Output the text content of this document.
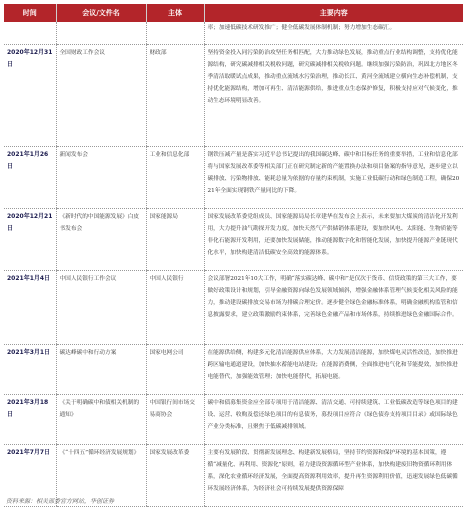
时间	会议/文件名	主体	主要内容
			率；加速低碳技术研发推广；健全低碳发展体制机制；努力增加生态碳汇。
2020年12月31日	全国财政工作会议	财政部	坚持资金投入同污染防治攻坚任务相匹配，大力推动绿色发展，推动重点行业结构调整，支持优化能源结构，研究碳减排相关税收问题，研究碳减排相关税收问题。继续加强污染防治，巩固北方地区冬季清洁取暖试点成果，推动重点流域水污染治理，推动长江、黄河全流域建立横向生态补偿机制，支持优化能源结构，增加可再生、清洁能源供给，推进重点生态保护修复，积极支持应对气候变化，推动生态环境明显改善。
2021年1月26日	新闻发布会	工业和信息化部	钢铁压减产量是落实习近平总书记提出的我国碳达峰、碳中和目标任务的重要举措，工业和信息化部将与国家发展改革委等相关部门正在研究制定新的产能置换办法和项目备案的指导意见，逐步建立以碳排放、污染物排放、能耗总量为依据的存量约束机制，实施工业低碳行动和绿色制造工程，确保2021年全面实现钢铁产量同比的下降。
2020年12月21日	《新时代的中国能源发展》白皮书发布会	国家能源局	国家发展改革委党组成员、国家能源局局长章建华在发布会上表示，未来要加大煤炭的清洁化开发利用，大力提升油气勘探开发力度，加快天然气产供储销体系建设，要加快风电、太阳能、生物质能等非化石能源开发利用，还要加快发展储能，推动能源数字化和智能化发展，加快提升能源产业链现代化水平，加快构建清洁低碳安全高效的能源体系。
2021年1月4日	中国人民银行工作会议	中国人民银行	会议部署2021年10大工作，明确“落实碳达峰、碳中和”是仅次于货币、信贷政策的第三大工作，要做好政策设计和规划，引导金融资源向绿色发展领域倾斜，增强金融体系管理气候变化相关风险的能力，推动建设碳排放交易市场为排碳合理定价。逐步健全绿色金融标准体系，明确金融机构监管和信息披露要求，建立政策激励约束体系，完善绿色金融产品和市场体系，持续推进绿色金融国际合作。
2021年3月1日	碳达峰碳中和行动方案	国家电网公司	在能源供给侧，构建多元化清洁能源供应体系，大力发展清洁能源，加快煤电灵活性改造，加快推进跨区输电通道建设，加快抽水蓄能电站建设；在能源消费侧，全面推进电气化和节能提效，加快推进电能替代，加强能效管理；加快电能替代，拓展电能。
2021年3月18日	《关于明确碳中和债相关机制的通知》	中国银行间市场交易商协会	碳中和债募集资金应全部专项用于清洁能源、清洁交通、可持续建筑、工业低碳改造等绿色项目的建设、运营、收购及偿还绿色项目的有息债务，募投项目应符合《绿色债券支持项目目录》或国际绿色产业分类标准，且聚焦于低碳减排领域。
2021年7月7日	《“十四五”循环经济发展规划》	国家发展改革委	主要有发展阶段、贯彻新发展理念、构建新发展格局，坚持节约资源和保护环境的基本国策，遵循“减量化、再利用、资源化”原则，着力建设资源循环型产业体系，加快构建废旧物资循环利用体系，深化农业循环经济发展，全面提高资源利用效率，提升再生资源利用价值，迅速发展绿色低碳循环发展经济体系，为经济社会可持续发展提供资源保障
资料来源：相关部委官方网站，华创证券
